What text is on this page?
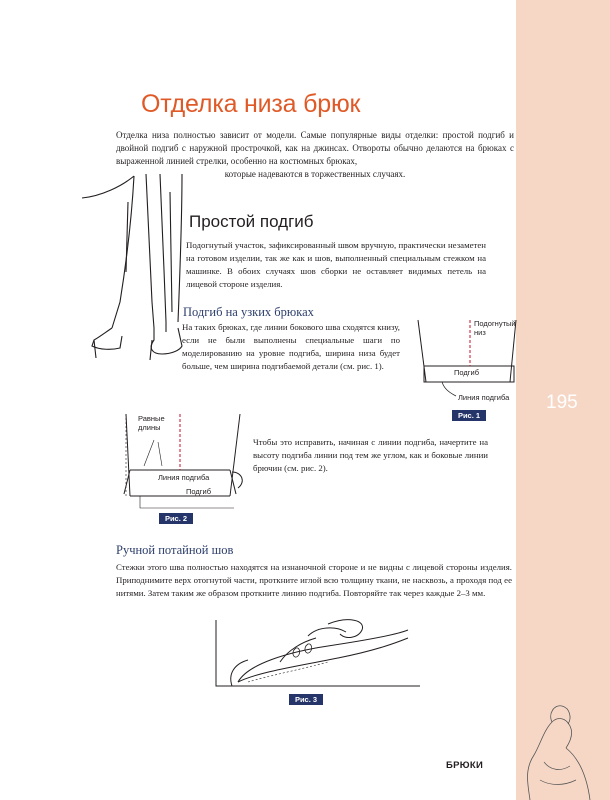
195
БРЮКИ
Отделка низа брюк
Отделка низа полностью зависит от модели. Самые популярные виды отделки: простой подгиб и двойной подгиб с наружной прострочкой, как на джинсах. Отвороты обычно делаются на брюках с выраженной линией стрелки, особенно на костюмных брюках,
которые надеваются в торжественных случаях.
Простой подгиб
Подогнутый участок, зафиксированный швом вручную, практически незаметен на готовом изделии, так же как и шов, выполненный специальным стежком на машинке. В обоих случаях шов сборки не оставляет видимых петель на лицевой стороне изделия.
Подгиб на узких брюках
На таких брюках, где линии бокового шва сходятся книзу, если не были выполнены специальные шаги по моделированию на уровне подгиба, ширина низа будет больше, чем ширина подгибаемой детали (см. рис. 1).
Подогнутый низ
Подгиб
Линия подгиба
Рис. 1
Равные длины
Линия подгиба
Подгиб
Рис. 2
Чтобы это исправить, начиная с линии подгиба, начертите на высоту подгиба линии под тем же углом, как и боковые линии брючин (см. рис. 2).
Ручной потайной шов
Стежки этого шва полностью находятся на изнаночной стороне и не видны с лицевой стороны изделия. Приподнимите верх отогнутой части, проткните иглой всю толщину ткани, не насквозь, а проходя под ее нитями. Затем таким же образом проткните линию подгиба. Повторяйте так через каждые 2–3 мм.
Рис. 3
